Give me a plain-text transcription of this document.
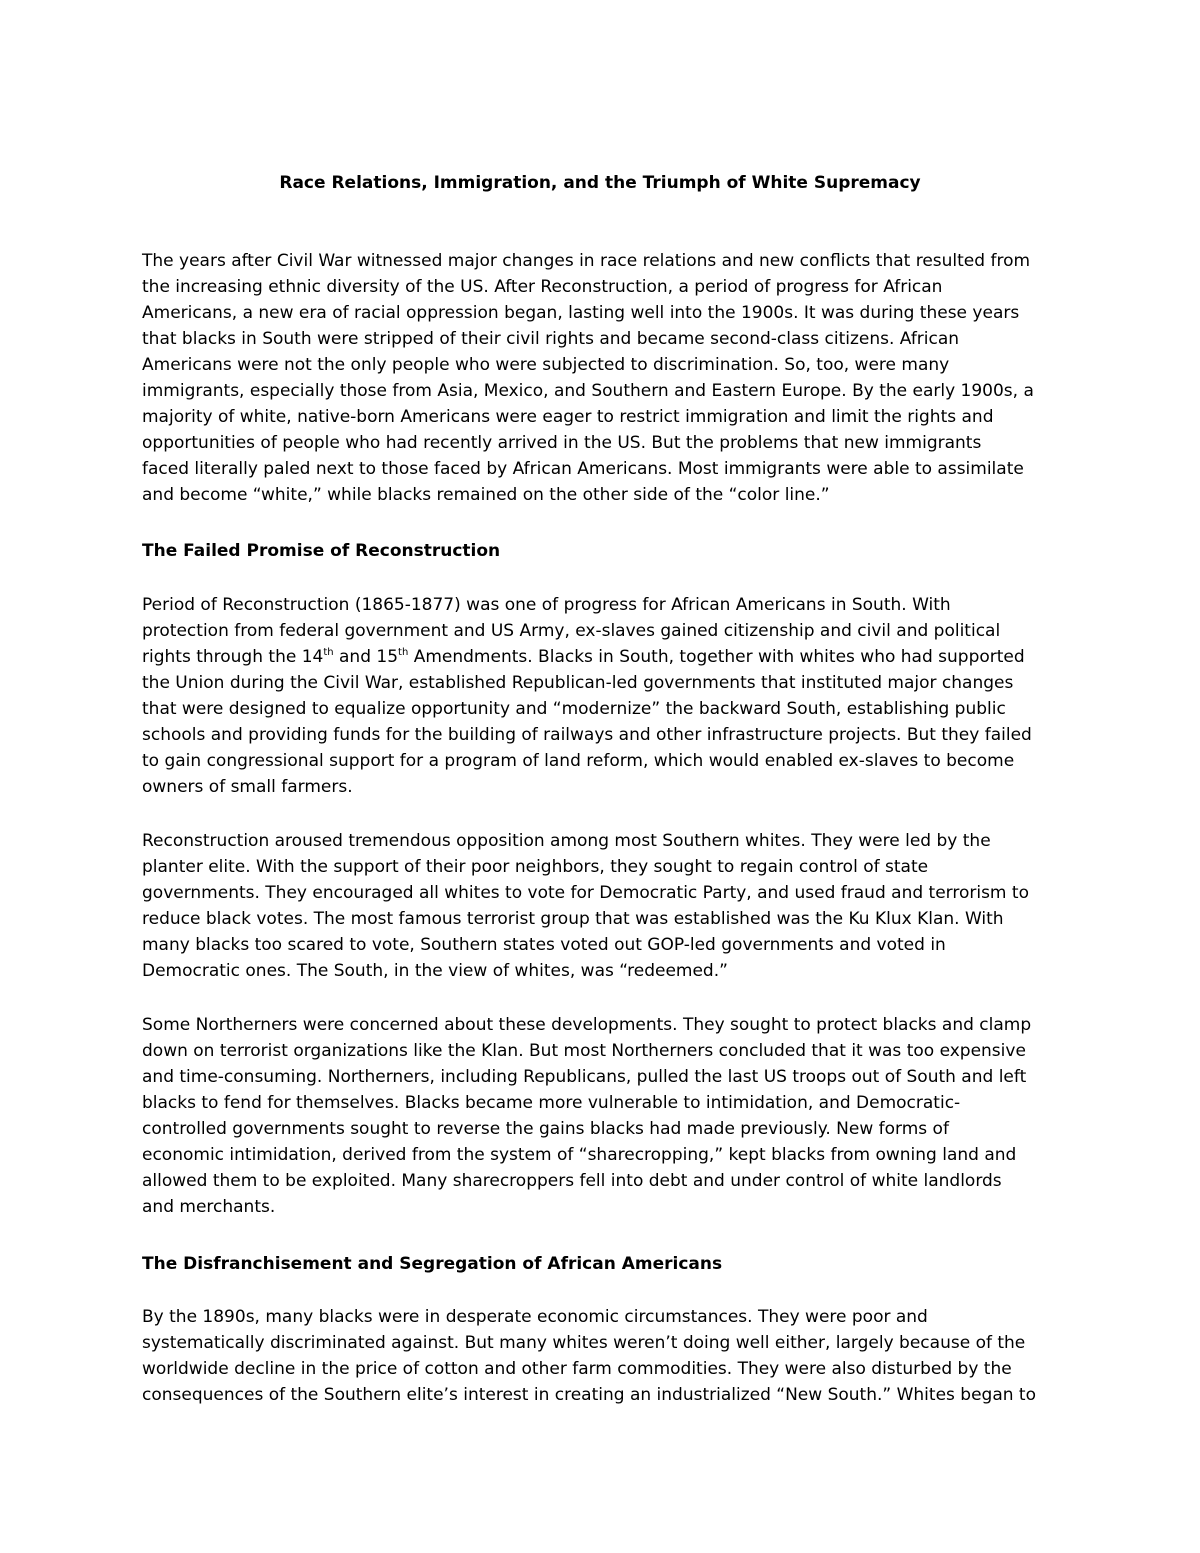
Race Relations, Immigration, and the Triumph of White Supremacy
The years after Civil War witnessed major changes in race relations and new conflicts that resulted from
the increasing ethnic diversity of the US. After Reconstruction, a period of progress for African
Americans, a new era of racial oppression began, lasting well into the 1900s. It was during these years
that blacks in South were stripped of their civil rights and became second-class citizens. African
Americans were not the only people who were subjected to discrimination. So, too, were many
immigrants, especially those from Asia, Mexico, and Southern and Eastern Europe. By the early 1900s, a
majority of white, native-born Americans were eager to restrict immigration and limit the rights and
opportunities of people who had recently arrived in the US. But the problems that new immigrants
faced literally paled next to those faced by African Americans. Most immigrants were able to assimilate
and become “white,” while blacks remained on the other side of the “color line.”
The Failed Promise of Reconstruction
Period of Reconstruction (1865-1877) was one of progress for African Americans in South. With
protection from federal government and US Army, ex-slaves gained citizenship and civil and political
rights through the 14th and 15th Amendments. Blacks in South, together with whites who had supported
the Union during the Civil War, established Republican-led governments that instituted major changes
that were designed to equalize opportunity and “modernize” the backward South, establishing public
schools and providing funds for the building of railways and other infrastructure projects. But they failed
to gain congressional support for a program of land reform, which would enabled ex-slaves to become
owners of small farmers.
Reconstruction aroused tremendous opposition among most Southern whites. They were led by the
planter elite. With the support of their poor neighbors, they sought to regain control of state
governments. They encouraged all whites to vote for Democratic Party, and used fraud and terrorism to
reduce black votes. The most famous terrorist group that was established was the Ku Klux Klan. With
many blacks too scared to vote, Southern states voted out GOP-led governments and voted in
Democratic ones. The South, in the view of whites, was “redeemed.”
Some Northerners were concerned about these developments. They sought to protect blacks and clamp
down on terrorist organizations like the Klan. But most Northerners concluded that it was too expensive
and time-consuming. Northerners, including Republicans, pulled the last US troops out of South and left
blacks to fend for themselves. Blacks became more vulnerable to intimidation, and Democratic-
controlled governments sought to reverse the gains blacks had made previously. New forms of
economic intimidation, derived from the system of “sharecropping,” kept blacks from owning land and
allowed them to be exploited. Many sharecroppers fell into debt and under control of white landlords
and merchants.
The Disfranchisement and Segregation of African Americans
By the 1890s, many blacks were in desperate economic circumstances. They were poor and
systematically discriminated against. But many whites weren’t doing well either, largely because of the
worldwide decline in the price of cotton and other farm commodities. They were also disturbed by the
consequences of the Southern elite’s interest in creating an industrialized “New South.” Whites began to
